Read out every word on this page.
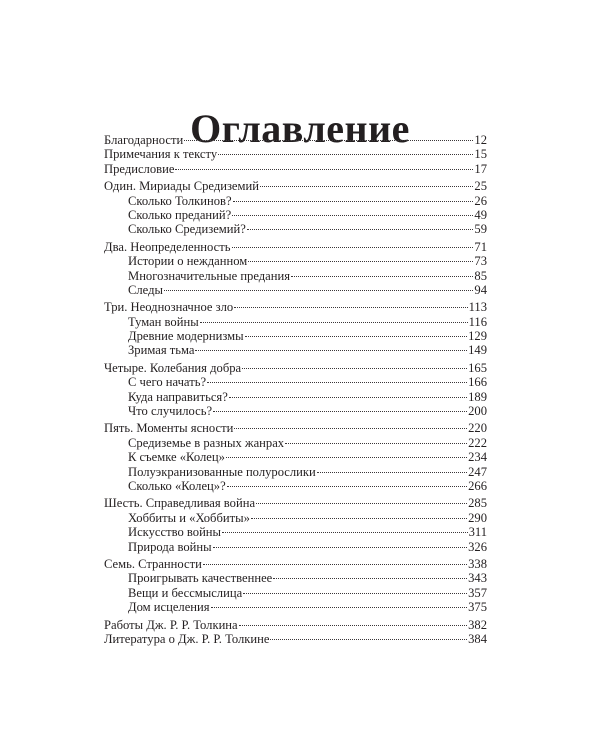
Оглавление
Благодарности	12
Примечания к тексту	15
Предисловие	17
Один. Мириады Средиземий	25
Сколько Толкинов?	26
Сколько преданий?	49
Сколько Средиземий?	59
Два. Неопределенность	71
Истории о нежданном	73
Многозначительные предания	85
Следы	94
Три. Неоднозначное зло	113
Туман войны	116
Древние модернизмы	129
Зримая тьма	149
Четыре. Колебания добра	165
С чего начать?	166
Куда направиться?	189
Что случилось?	200
Пять. Моменты ясности	220
Средиземье в разных жанрах	222
К съемке «Колец»	234
Полуэкранизованные полурослики	247
Сколько «Колец»?	266
Шесть. Справедливая война	285
Хоббиты и «Хоббиты»	290
Искусство войны	311
Природа войны	326
Семь. Странности	338
Проигрывать качественнее	343
Вещи и бессмыслица	357
Дом исцеления	375
Работы Дж. Р. Р. Толкина	382
Литература о Дж. Р. Р. Толкине	384
